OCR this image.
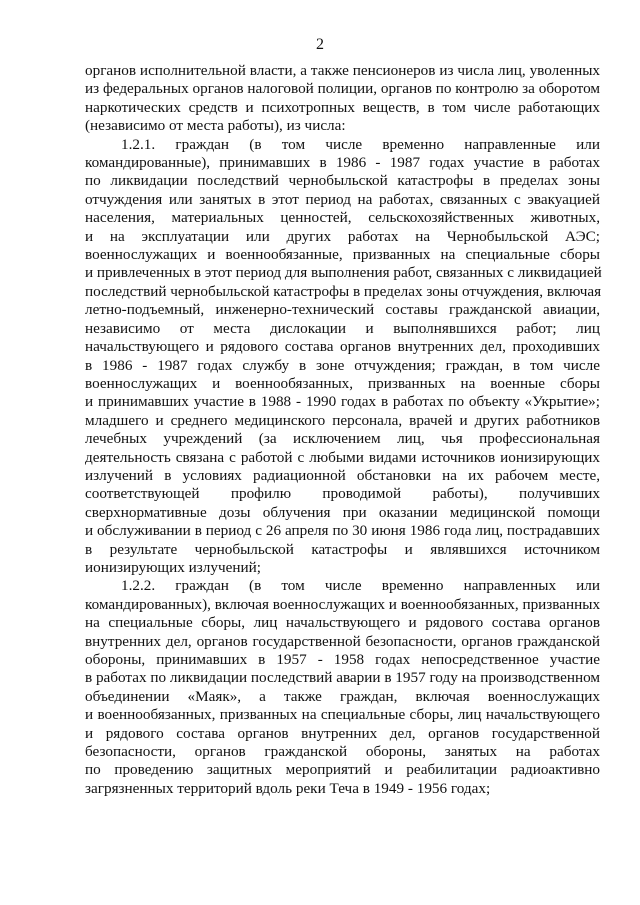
2
органов исполнительной власти, а также пенсионеров из числа лиц, уволенных
из федеральных органов налоговой полиции, органов по контролю за оборотом
наркотических средств и психотропных веществ, в том числе работающих
(независимо от места работы), из числа:
1.2.1. граждан (в том числе временно направленные или
командированные), принимавших в 1986 - 1987 годах участие в работах
по ликвидации последствий чернобыльской катастрофы в пределах зоны
отчуждения или занятых в этот период на работах, связанных с эвакуацией
населения, материальных ценностей, сельскохозяйственных животных,
и на эксплуатации или других работах на Чернобыльской АЭС;
военнослужащих и военнообязанные, призванных на специальные сборы
и привлеченных в этот период для выполнения работ, связанных с ликвидацией
последствий чернобыльской катастрофы в пределах зоны отчуждения, включая
летно-подъемный, инженерно-технический составы гражданской авиации,
независимо от места дислокации и выполнявшихся работ; лиц
начальствующего и рядового состава органов внутренних дел, проходивших
в 1986 - 1987 годах службу в зоне отчуждения; граждан, в том числе
военнослужащих и военнообязанных, призванных на военные сборы
и принимавших участие в 1988 - 1990 годах в работах по объекту «Укрытие»;
младшего и среднего медицинского персонала, врачей и других работников
лечебных учреждений (за исключением лиц, чья профессиональная
деятельность связана с работой с любыми видами источников ионизирующих
излучений в условиях радиационной обстановки на их рабочем месте,
соответствующей профилю проводимой работы), получивших
сверхнормативные дозы облучения при оказании медицинской помощи
и обслуживании в период с 26 апреля по 30 июня 1986 года лиц, пострадавших
в результате чернобыльской катастрофы и являвшихся источником
ионизирующих излучений;
1.2.2. граждан (в том числе временно направленных или
командированных), включая военнослужащих и военнообязанных, призванных
на специальные сборы, лиц начальствующего и рядового состава органов
внутренних дел, органов государственной безопасности, органов гражданской
обороны, принимавших в 1957 - 1958 годах непосредственное участие
в работах по ликвидации последствий аварии в 1957 году на производственном
объединении «Маяк», а также граждан, включая военнослужащих
и военнообязанных, призванных на специальные сборы, лиц начальствующего
и рядового состава органов внутренних дел, органов государственной
безопасности, органов гражданской обороны, занятых на работах
по проведению защитных мероприятий и реабилитации радиоактивно
загрязненных территорий вдоль реки Теча в 1949 - 1956 годах;
